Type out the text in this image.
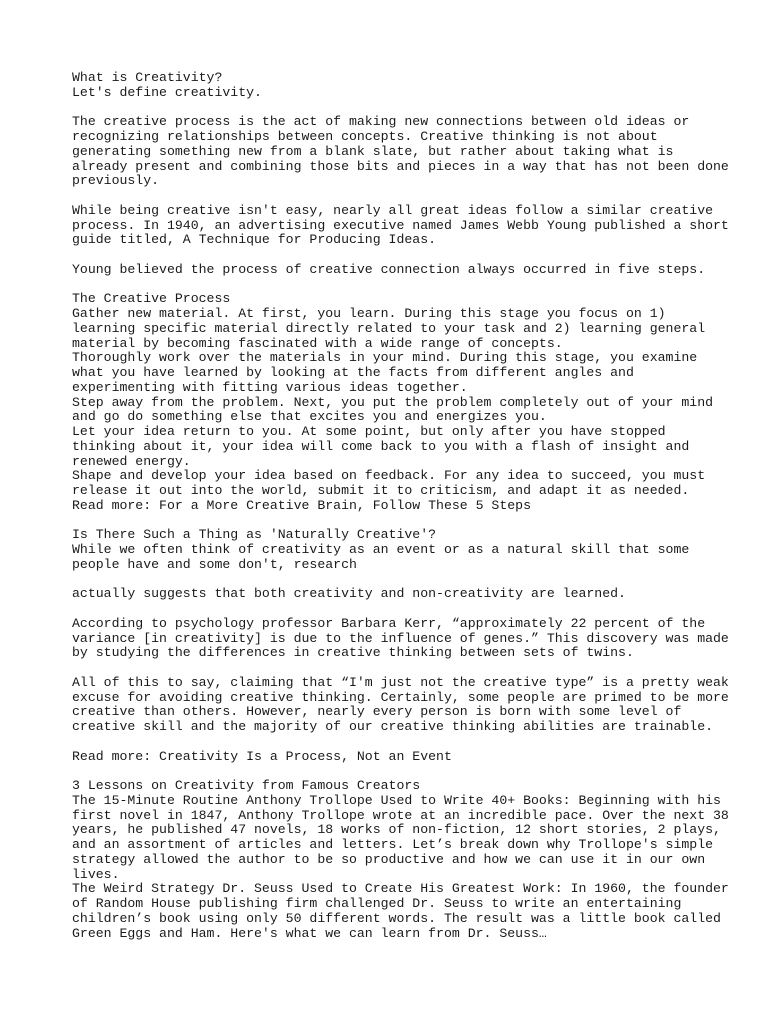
What is Creativity?
Let's define creativity.
The creative process is the act of making new connections between old ideas or
recognizing relationships between concepts. Creative thinking is not about
generating something new from a blank slate, but rather about taking what is
already present and combining those bits and pieces in a way that has not been done
previously.
While being creative isn't easy, nearly all great ideas follow a similar creative
process. In 1940, an advertising executive named James Webb Young published a short
guide titled, A Technique for Producing Ideas.
Young believed the process of creative connection always occurred in five steps.
The Creative Process
Gather new material. At first, you learn. During this stage you focus on 1)
learning specific material directly related to your task and 2) learning general
material by becoming fascinated with a wide range of concepts.
Thoroughly work over the materials in your mind. During this stage, you examine
what you have learned by looking at the facts from different angles and
experimenting with fitting various ideas together.
Step away from the problem. Next, you put the problem completely out of your mind
and go do something else that excites you and energizes you.
Let your idea return to you. At some point, but only after you have stopped
thinking about it, your idea will come back to you with a flash of insight and
renewed energy.
Shape and develop your idea based on feedback. For any idea to succeed, you must
release it out into the world, submit it to criticism, and adapt it as needed.
Read more: For a More Creative Brain, Follow These 5 Steps
Is There Such a Thing as 'Naturally Creative'?
While we often think of creativity as an event or as a natural skill that some
people have and some don't, research
actually suggests that both creativity and non-creativity are learned.
According to psychology professor Barbara Kerr, “approximately 22 percent of the
variance [in creativity] is due to the influence of genes.” This discovery was made
by studying the differences in creative thinking between sets of twins.
All of this to say, claiming that “I'm just not the creative type” is a pretty weak
excuse for avoiding creative thinking. Certainly, some people are primed to be more
creative than others. However, nearly every person is born with some level of
creative skill and the majority of our creative thinking abilities are trainable.
Read more: Creativity Is a Process, Not an Event
3 Lessons on Creativity from Famous Creators
The 15-Minute Routine Anthony Trollope Used to Write 40+ Books: Beginning with his
first novel in 1847, Anthony Trollope wrote at an incredible pace. Over the next 38
years, he published 47 novels, 18 works of non-fiction, 12 short stories, 2 plays,
and an assortment of articles and letters. Let’s break down why Trollope's simple
strategy allowed the author to be so productive and how we can use it in our own
lives.
The Weird Strategy Dr. Seuss Used to Create His Greatest Work: In 1960, the founder
of Random House publishing firm challenged Dr. Seuss to write an entertaining
children’s book using only 50 different words. The result was a little book called
Green Eggs and Ham. Here's what we can learn from Dr. Seuss…
